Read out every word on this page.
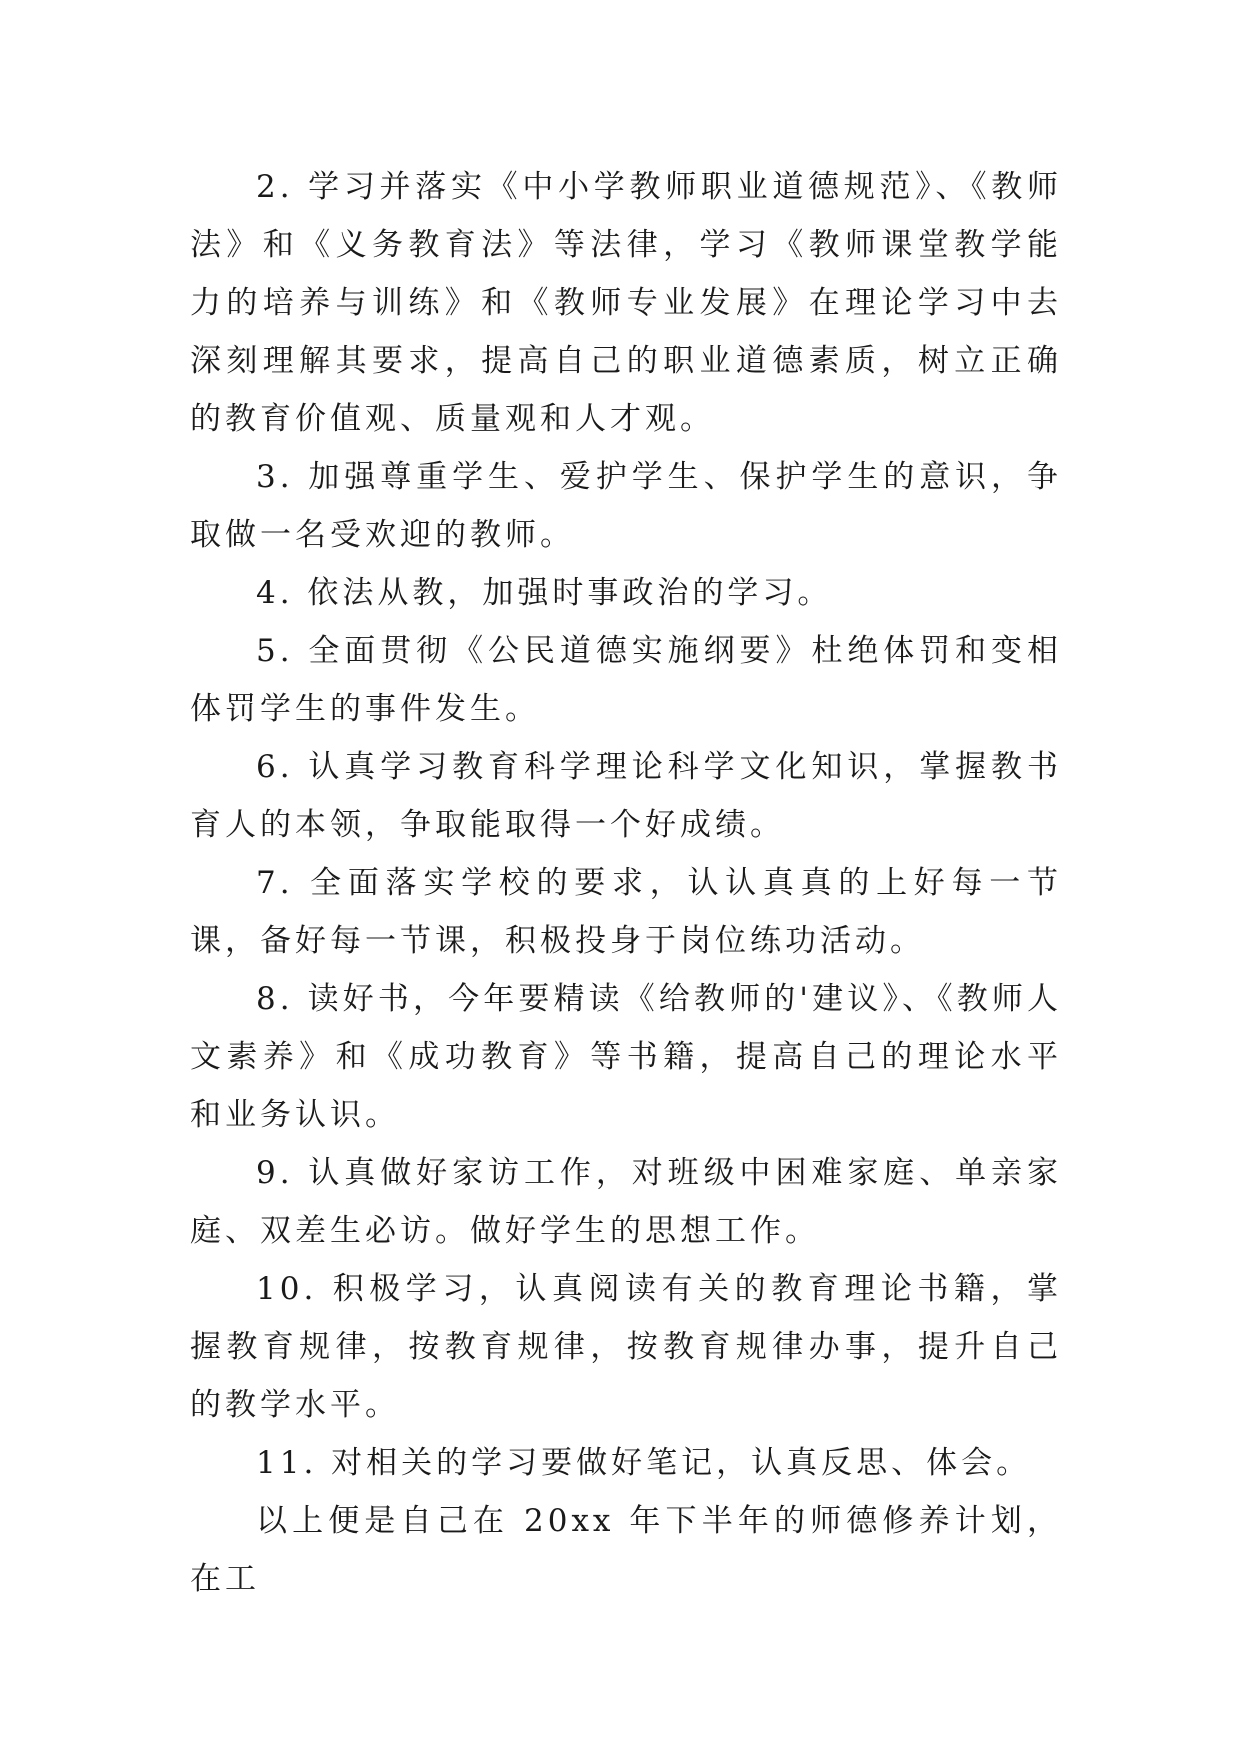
2. 学习并落实《中小学教师职业道德规范》、《教师法》和《义务教育法》等法律，学习《教师课堂教学能力的培养与训练》和《教师专业发展》在理论学习中去深刻理解其要求，提高自己的职业道德素质，树立正确的教育价值观、质量观和人才观。

3. 加强尊重学生、爱护学生、保护学生的意识，争取做一名受欢迎的教师。

4. 依法从教，加强时事政治的学习。

5. 全面贯彻《公民道德实施纲要》杜绝体罚和变相体罚学生的事件发生。

6. 认真学习教育科学理论科学文化知识，掌握教书育人的本领，争取能取得一个好成绩。

7. 全面落实学校的要求，认认真真的上好每一节课，备好每一节课，积极投身于岗位练功活动。

8. 读好书，今年要精读《给教师的'建议》、《教师人文素养》和《成功教育》等书籍，提高自己的理论水平和业务认识。

9. 认真做好家访工作，对班级中困难家庭、单亲家庭、双差生必访。做好学生的思想工作。

10. 积极学习，认真阅读有关的教育理论书籍，掌握教育规律，按教育规律，按教育规律办事，提升自己的教学水平。

11. 对相关的学习要做好笔记，认真反思、体会。

以上便是自己在 20xx 年下半年的师德修养计划，在工
